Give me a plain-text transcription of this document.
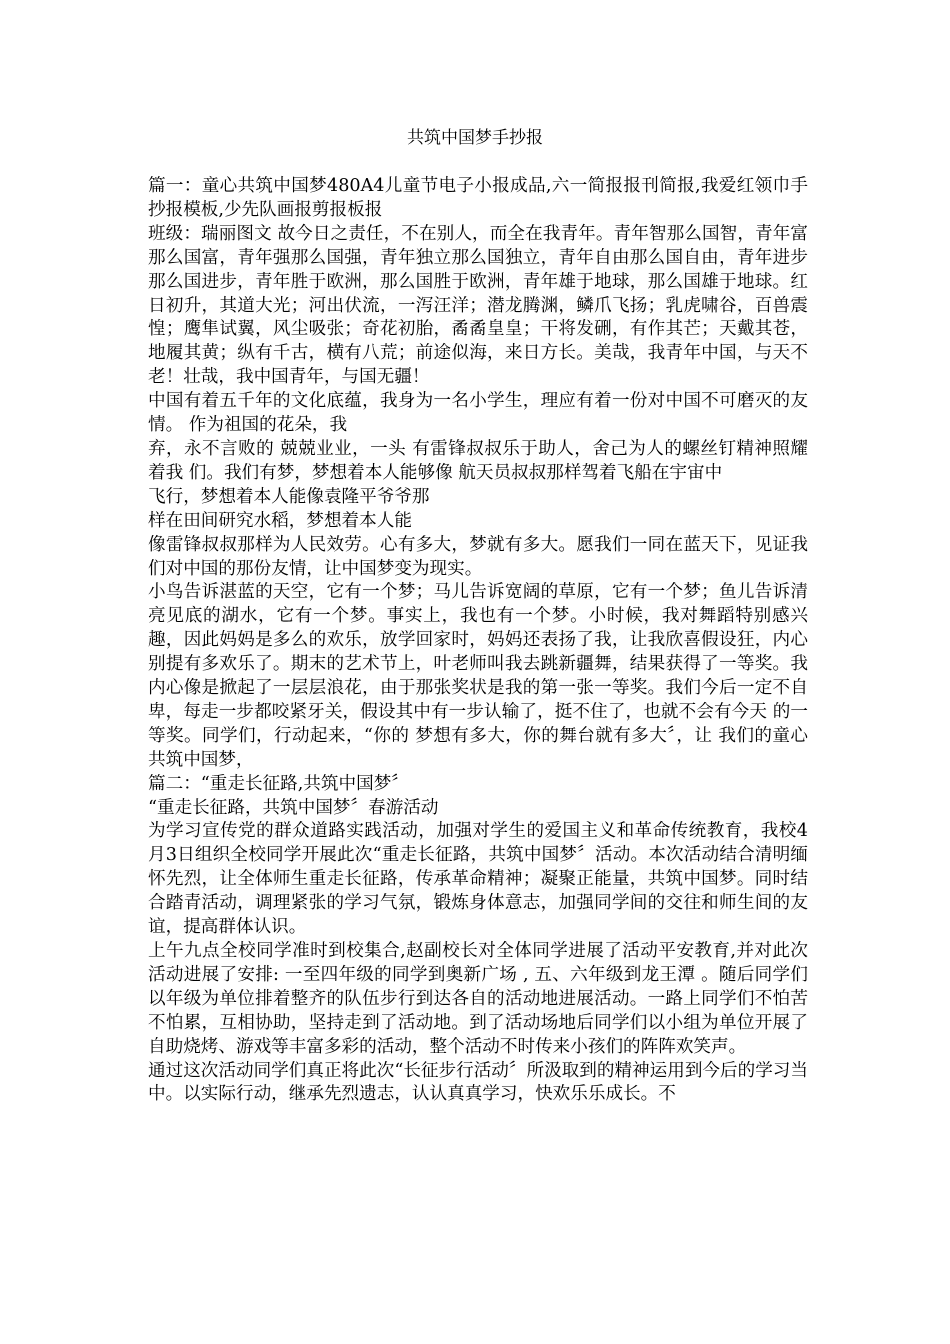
共筑中国梦手抄报

篇一：童心共筑中国梦480A4儿童节电子小报成品,六一简报报刊简报,我爱红领巾手抄报模板,少先队画报剪报板报

班级：瑞丽图文 故今日之责任，不在别人，而全在我青年。青年智那么国智，青年富那么国富，青年强那么国强，青年独立那么国独立，青年自由那么国自由，青年进步那么国进步，青年胜于欧洲，那么国胜于欧洲，青年雄于地球，那么国雄于地球。红日初升，其道大光；河出伏流，一泻汪洋；潜龙腾渊，鳞爪飞扬；乳虎啸谷，百兽震惶；鹰隼试翼，风尘吸张；奇花初胎，矞矞皇皇；干将发硎，有作其芒；天戴其苍，地履其黄；纵有千古，横有八荒；前途似海，来日方长。美哉，我青年中国，与天不老！壮哉，我中国青年，与国无疆！

中国有着五千年的文化底蕴，我身为一名小学生，理应有着一份对中国不可磨灭的友情。 作为祖国的花朵，我

弃，永不言败的 兢兢业业，一头 有雷锋叔叔乐于助人，舍己为人的螺丝钉精神照耀着我 们。我们有梦，梦想着本人能够像 航天员叔叔那样驾着飞船在宇宙中

飞行，梦想着本人能像袁隆平爷爷那

样在田间研究水稻，梦想着本人能

像雷锋叔叔那样为人民效劳。心有多大，梦就有多大。愿我们一同在蓝天下，见证我们对中国的那份友情，让中国梦变为现实。

小鸟告诉湛蓝的天空，它有一个梦；马儿告诉宽阔的草原，它有一个梦；鱼儿告诉清亮见底的湖水，它有一个梦。事实上，我也有一个梦。小时候，我对舞蹈特别感兴趣，因此妈妈是多么的欢乐，放学回家时，妈妈还表扬了我，让我欣喜假设狂，内心别提有多欢乐了。期末的艺术节上，叶老师叫我去跳新疆舞，结果获得了一等奖。我内心像是掀起了一层层浪花，由于那张奖状是我的第一张一等奖。我们今后一定不自卑，每走一步都咬紧牙关，假设其中有一步认输了，挺不住了，也就不会有今天 的一等奖。同学们，行动起来，“你的 梦想有多大，你的舞台就有多大〞，让 我们的童心共筑中国梦，

篇二：“重走长征路,共筑中国梦〞

“重走长征路，共筑中国梦〞春游活动

为学习宣传党的群众道路实践活动，加强对学生的爱国主义和革命传统教育，我校4月3日组织全校同学开展此次“重走长征路，共筑中国梦〞活动。本次活动结合清明缅怀先烈，让全体师生重走长征路，传承革命精神；凝聚正能量，共筑中国梦。同时结合踏青活动，调理紧张的学习气氛，锻炼身体意志，加强同学间的交往和师生间的友谊，提高群体认识。

上午九点全校同学准时到校集合,赵副校长对全体同学进展了活动平安教育,并对此次活动进展了安排: 一至四年级的同学到奥新广场 , 五、六年级到龙王潭 。随后同学们以年级为单位排着整齐的队伍步行到达各自的活动地进展活动。一路上同学们不怕苦不怕累，互相协助，坚持走到了活动地。到了活动场地后同学们以小组为单位开展了自助烧烤、游戏等丰富多彩的活动，整个活动不时传来小孩们的阵阵欢笑声。

通过这次活动同学们真正将此次“长征步行活动〞所汲取到的精神运用到今后的学习当中。以实际行动，继承先烈遗志，认认真真学习，快欢乐乐成长。不
